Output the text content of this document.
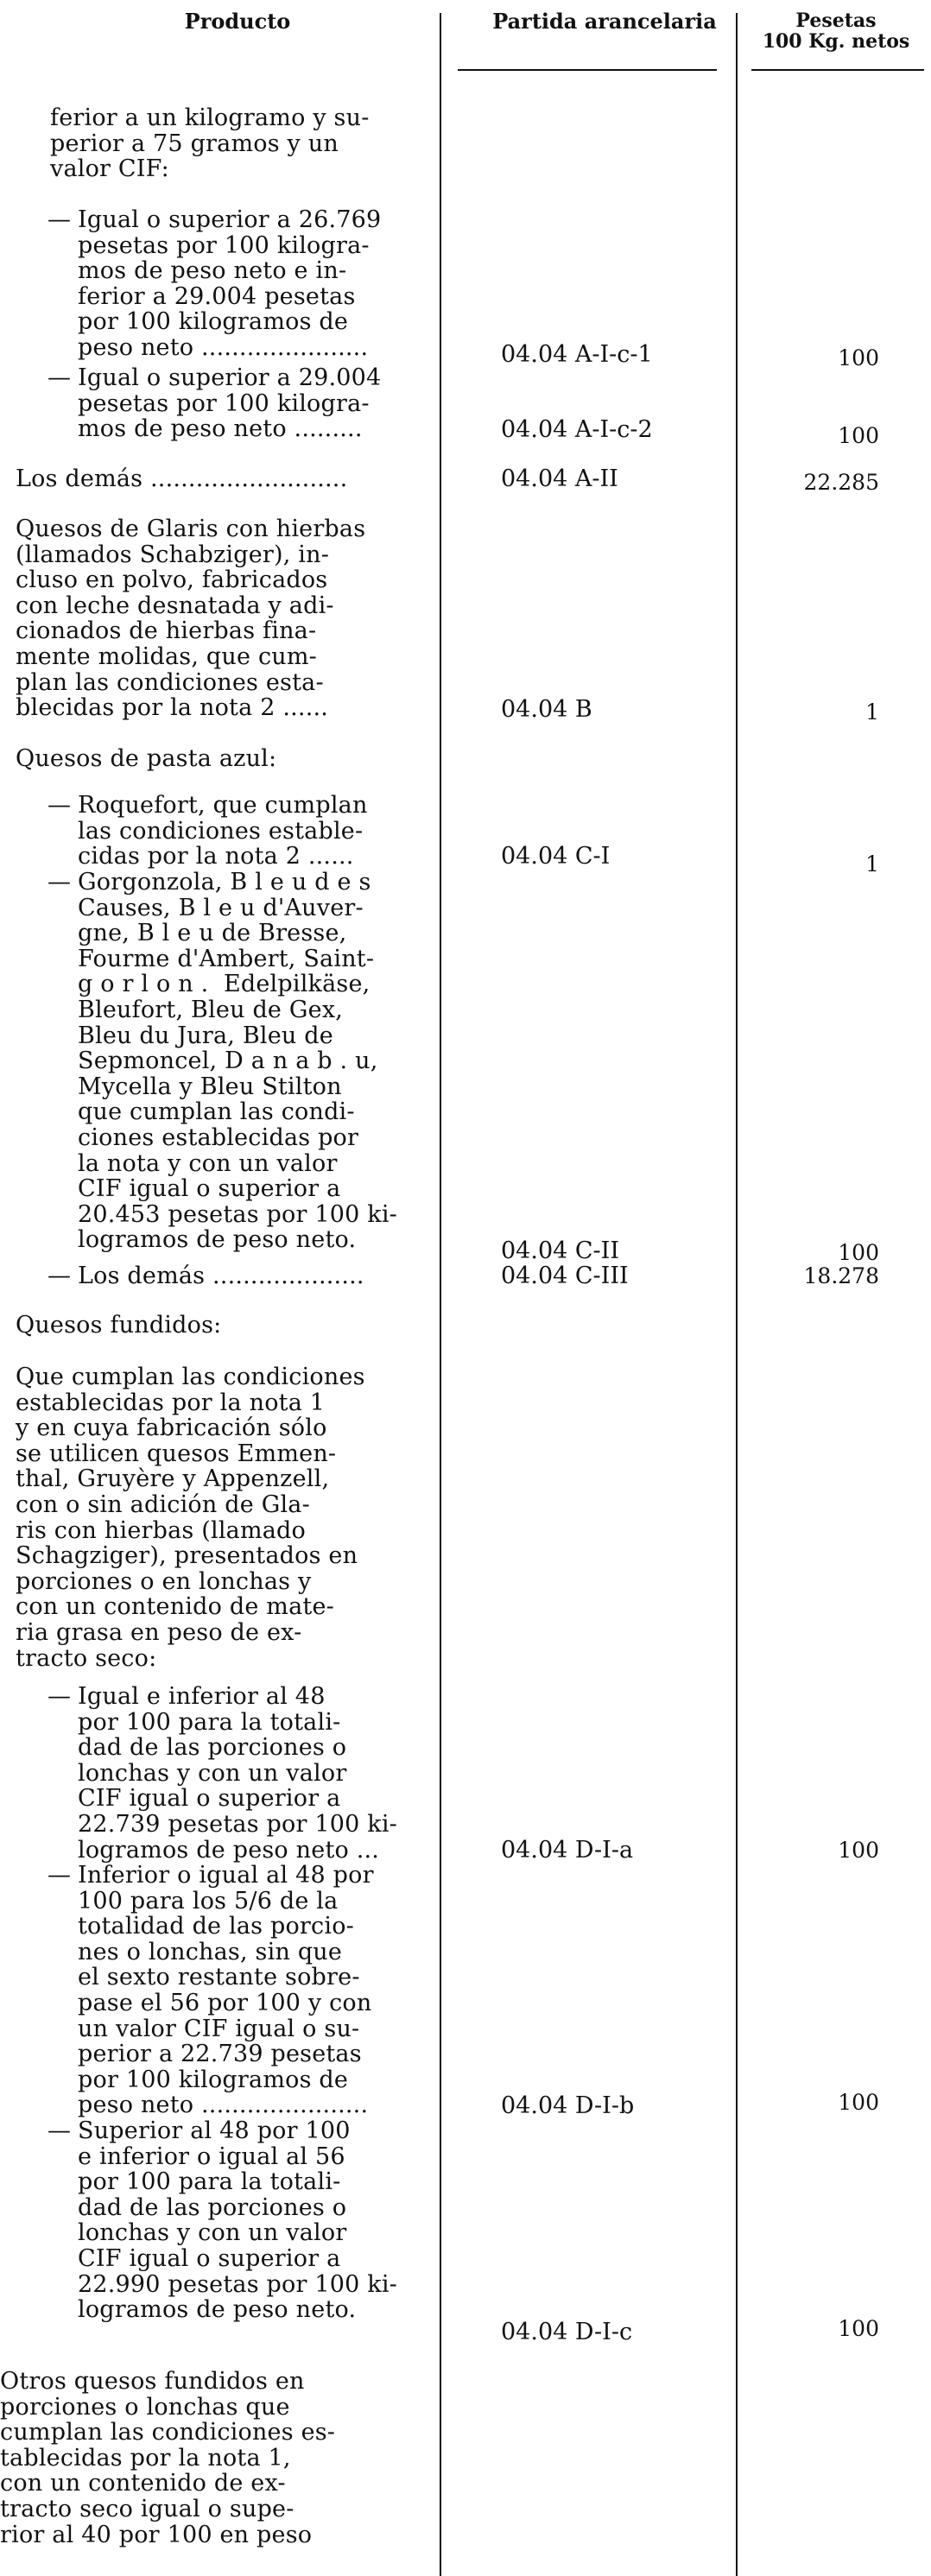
Producto	Partida arancelaria	Pesetas
100 Kg. netos
ferior a un kilogramo y su-
perior a 75 gramos y un
valor CIF:
— Igual o superior a 26.769
pesetas por 100 kilogra-
mos de peso neto e in-
ferior a 29.004 pesetas
por 100 kilogramos de
peso neto ......................	04.04 A-I-c-1	100
— Igual o superior a 29.004
pesetas por 100 kilogra-
mos de peso neto .........	04.04 A-I-c-2	100
Los demás ..........................	04.04 A-II	22.285
Quesos de Glaris con hierbas
(llamados Schabziger), in-
cluso en polvo, fabricados
con leche desnatada y adi-
cionados de hierbas fina-
mente molidas, que cum-
plan las condiciones esta-
blecidas por la nota 2 ......	04.04 B	1
Quesos de pasta azul:
— Roquefort, que cumplan
las condiciones estable-
cidas por la nota 2 ......	04.04 C-I	1
— Gorgonzola, B l e u d e s
Causes, B l e u d'Auver-
gne, B l e u de Bresse,
Fourme d'Ambert, Saint-
g o r l o n .  Edelpilkäse,
Bleufort, Bleu de Gex,
Bleu du Jura, Bleu de
Sepmoncel, D a n a b . u,
Mycella y Bleu Stilton
que cumplan las condi-
ciones establecidas por
la nota y con un valor
CIF igual o superior a
20.453 pesetas por 100 ki-
logramos de peso neto.	04.04 C-II	100
— Los demás ....................	04.04 C-III	18.278
Quesos fundidos:
Que cumplan las condiciones
establecidas por la nota 1
y en cuya fabricación sólo
se utilicen quesos Emmen-
thal, Gruyère y Appenzell,
con o sin adición de Gla-
ris con hierbas (llamado
Schagziger), presentados en
porciones o en lonchas y
con un contenido de mate-
ria grasa en peso de ex-
tracto seco:
— Igual e inferior al 48
por 100 para la totali-
dad de las porciones o
lonchas y con un valor
CIF igual o superior a
22.739 pesetas por 100 ki-
logramos de peso neto ...	04.04 D-I-a	100
— Inferior o igual al 48 por
100 para los 5/6 de la
totalidad de las porcio-
nes o lonchas, sin que
el sexto restante sobre-
pase el 56 por 100 y con
un valor CIF igual o su-
perior a 22.739 pesetas
por 100 kilogramos de
peso neto ......................	04.04 D-I-b	100
— Superior al 48 por 100
e inferior o igual al 56
por 100 para la totali-
dad de las porciones o
lonchas y con un valor
CIF igual o superior a
22.990 pesetas por 100 ki-
logramos de peso neto.
04.04 D-I-c	100
Otros quesos fundidos en
porciones o lonchas que
cumplan las condiciones es-
tablecidas por la nota 1,
con un contenido de ex-
tracto seco igual o supe-
rior al 40 por 100 en peso
